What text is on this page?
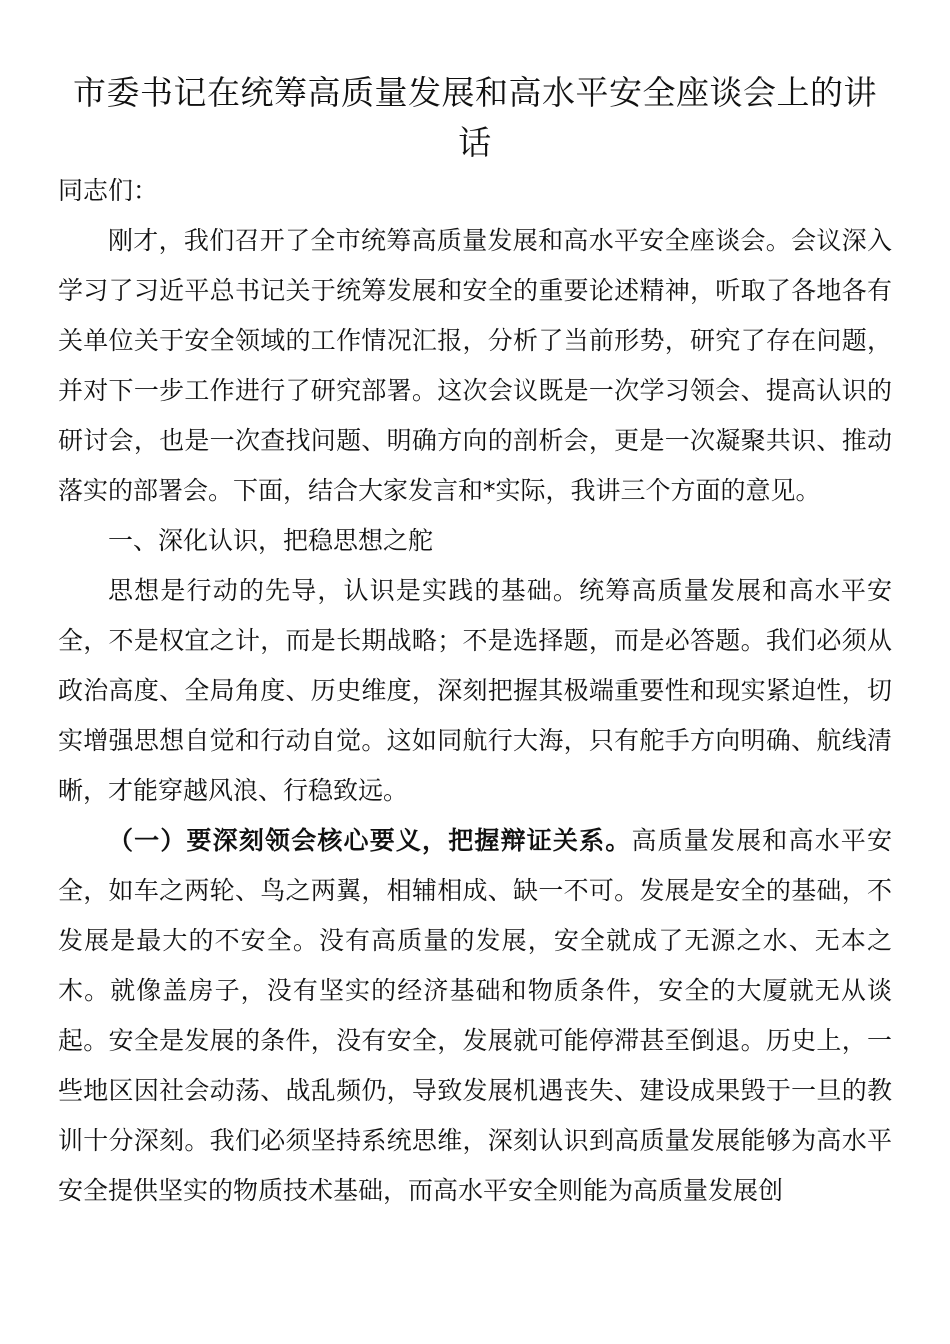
市委书记在统筹高质量发展和高水平安全座谈会上的讲话

同志们：

刚才，我们召开了全市统筹高质量发展和高水平安全座谈会。会议深入学习了习近平总书记关于统筹发展和安全的重要论述精神，听取了各地各有关单位关于安全领域的工作情况汇报，分析了当前形势，研究了存在问题，并对下一步工作进行了研究部署。这次会议既是一次学习领会、提高认识的研讨会，也是一次查找问题、明确方向的剖析会，更是一次凝聚共识、推动落实的部署会。下面，结合大家发言和*实际，我讲三个方面的意见。

一、深化认识，把稳思想之舵

思想是行动的先导，认识是实践的基础。统筹高质量发展和高水平安全，不是权宜之计，而是长期战略；不是选择题，而是必答题。我们必须从政治高度、全局角度、历史维度，深刻把握其极端重要性和现实紧迫性，切实增强思想自觉和行动自觉。这如同航行大海，只有舵手方向明确、航线清晰，才能穿越风浪、行稳致远。

（一）要深刻领会核心要义，把握辩证关系。高质量发展和高水平安全，如车之两轮、鸟之两翼，相辅相成、缺一不可。发展是安全的基础，不发展是最大的不安全。没有高质量的发展，安全就成了无源之水、无本之木。就像盖房子，没有坚实的经济基础和物质条件，安全的大厦就无从谈起。安全是发展的条件，没有安全，发展就可能停滞甚至倒退。历史上，一些地区因社会动荡、战乱频仍，导致发展机遇丧失、建设成果毁于一旦的教训十分深刻。我们必须坚持系统思维，深刻认识到高质量发展能够为高水平安全提供坚实的物质技术基础，而高水平安全则能为高质量发展创
